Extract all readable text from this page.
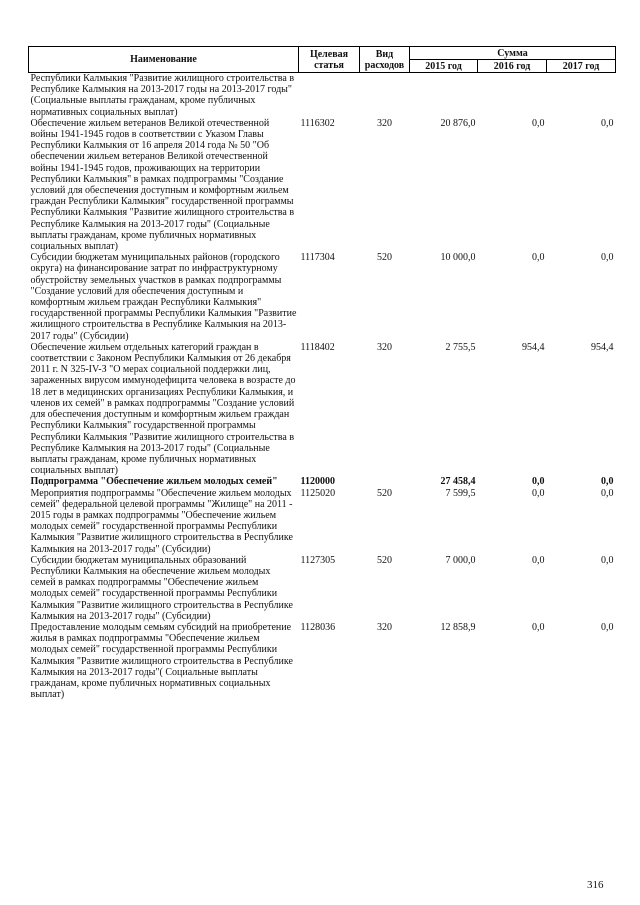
Наименование	Целевая статья	Вид расходов	Сумма		
			2015 год	2016 год	2017 год
Республики Калмыкия "Развитие жилищного строительства в Республике Калмыкия на 2013-2017 годы на 2013-2017 годы" (Социальные выплаты гражданам, кроме публичных нормативных социальных выплат)					
Обеспечение жильем ветеранов Великой отечественной войны 1941-1945 годов в соответствии с Указом Главы Республики Калмыкия от 16 апреля 2014 года № 50 "Об обеспечении жильем ветеранов Великой отечественной войны 1941-1945 годов, проживающих на территории Республики Калмыкия" в рамках подпрограммы "Создание условий для обеспечения доступным и комфортным жильем граждан Республики Калмыкия" государственной программы Республики Калмыкия "Развитие жилищного строительства в Республике Калмыкия на 2013-2017 годы" (Социальные выплаты гражданам, кроме публичных нормативных социальных выплат)	1116302	320	20 876,0	0,0	0,0
Субсидии бюджетам муниципальных районов (городского округа) на финансирование затрат по инфраструктурному обустройству земельных участков в рамках подпрограммы "Создание условий для обеспечения доступным и комфортным жильем граждан Республики Калмыкия" государственной программы Республики Калмыкия "Развитие жилищного строительства в Республике Калмыкия на 2013-2017 годы" (Субсидии)	1117304	520	10 000,0	0,0	0,0
Обеспечение жильем отдельных категорий граждан в соответствии с Законом Республики Калмыкия от 26 декабря 2011 г. N 325-IV-З "О мерах социальной поддержки лиц, зараженных вирусом иммунодефицита человека в возрасте до 18 лет в медицинских организациях Республики Калмыкия, и членов их семей" в рамках подпрограммы "Создание условий для обеспечения доступным и комфортным жильем граждан Республики Калмыкия" государственной программы Республики Калмыкия "Развитие жилищного строительства в Республике Калмыкия на 2013-2017 годы" (Социальные выплаты гражданам, кроме публичных нормативных социальных выплат)	1118402	320	2 755,5	954,4	954,4
Подпрограмма "Обеспечение жильем молодых семей"	1120000		27 458,4	0,0	0,0
Мероприятия подпрограммы "Обеспечение жильем молодых семей" федеральной целевой программы "Жилище" на 2011 - 2015 годы в рамках подпрограммы "Обеспечение жильем молодых семей" государственной программы Республики Калмыкия "Развитие жилищного строительства в Республике Калмыкия на 2013-2017 годы" (Субсидии)	1125020	520	7 599,5	0,0	0,0
Субсидии бюджетам муниципальных образований Республики Калмыкия на обеспечение жильем молодых семей в рамках подпрограммы "Обеспечение жильем молодых семей" государственной программы Республики Калмыкия "Развитие жилищного строительства в Республике Калмыкия на 2013-2017 годы" (Субсидии)	1127305	520	7 000,0	0,0	0,0
Предоставление молодым семьям субсидий на приобретение жилья в рамках подпрограммы "Обеспечение жильем молодых семей" государственной программы Республики Калмыкия "Развитие жилищного строительства в Республике Калмыкия на 2013-2017 годы"( Социальные выплаты гражданам, кроме публичных нормативных социальных выплат)	1128036	320	12 858,9	0,0	0,0
316
